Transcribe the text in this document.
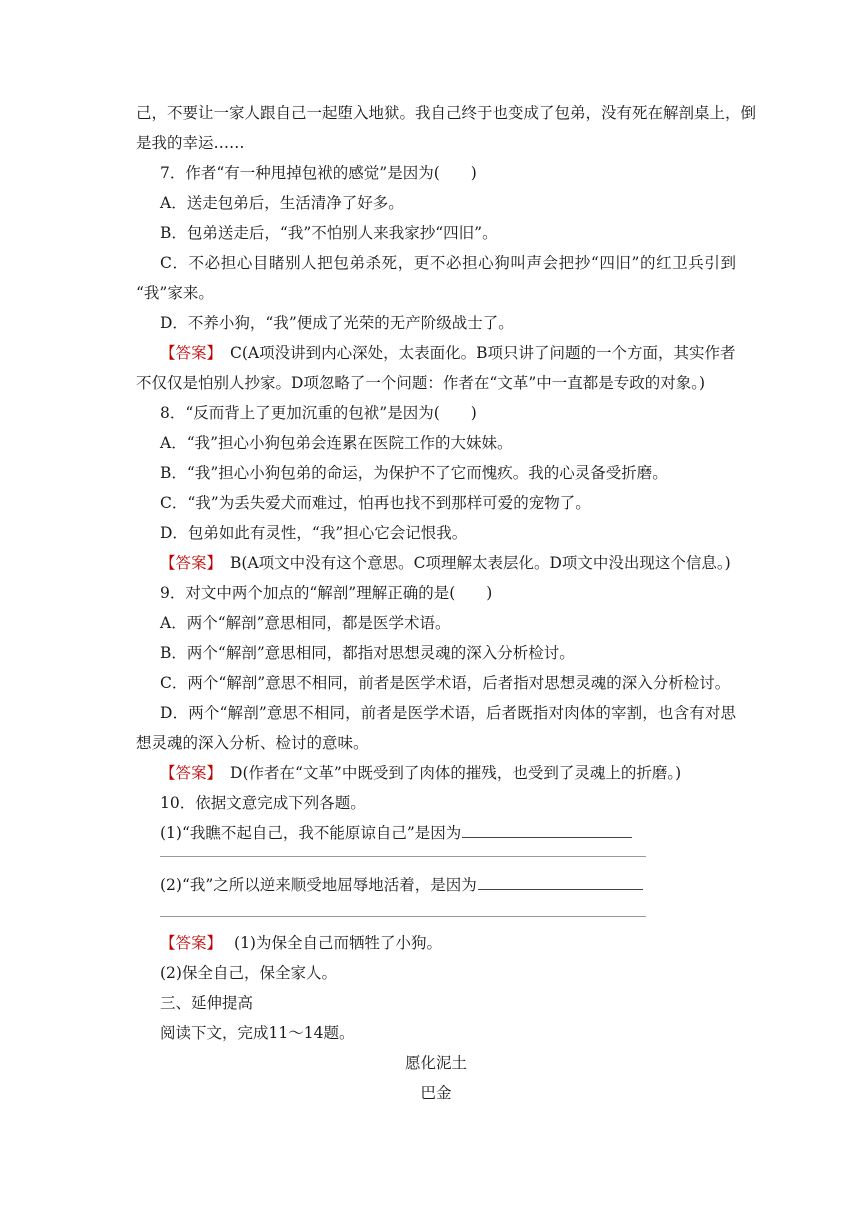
己，不要让一家人跟自己一起堕入地狱。我自己终于也变成了包弟，没有死在解剖桌上，倒
是我的幸运……
7．作者“有一种甩掉包袱的感觉”是因为(　　)
A．送走包弟后，生活清净了好多。
B．包弟送走后，“我”不怕别人来我家抄“四旧”。
C．不必担心目睹别人把包弟杀死，更不必担心狗叫声会把抄“四旧”的红卫兵引到
“我”家来。
D．不养小狗，“我”便成了光荣的无产阶级战士了。
【答案】 C(A项没讲到内心深处，太表面化。B项只讲了问题的一个方面，其实作者
不仅仅是怕别人抄家。D项忽略了一个问题：作者在“文革”中一直都是专政的对象。)
8．“反而背上了更加沉重的包袱”是因为(　　)
A．“我”担心小狗包弟会连累在医院工作的大妹妹。
B．“我”担心小狗包弟的命运，为保护不了它而愧疚。我的心灵备受折磨。
C．“我”为丢失爱犬而难过，怕再也找不到那样可爱的宠物了。
D．包弟如此有灵性，“我”担心它会记恨我。
【答案】 B(A项文中没有这个意思。C项理解太表层化。D项文中没出现这个信息。)
9．对文中两个加点的“解剖”理解正确的是(　　)
A．两个“解剖”意思相同，都是医学术语。
B．两个“解剖”意思相同，都指对思想灵魂的深入分析检讨。
C．两个“解剖”意思不相同，前者是医学术语，后者指对思想灵魂的深入分析检讨。
D．两个“解剖”意思不相同，前者是医学术语，后者既指对肉体的宰割，也含有对思
想灵魂的深入分析、检讨的意味。
【答案】 D(作者在“文革”中既受到了肉体的摧残，也受到了灵魂上的折磨。)
10．依据文意完成下列各题。
(1)“我瞧不起自己，我不能原谅自己”是因为
(2)“我”之所以逆来顺受地屈辱地活着，是因为
【答案】 (1)为保全自己而牺牲了小狗。
(2)保全自己，保全家人。
三、延伸提高
阅读下文，完成11～14题。
愿化泥土
巴金
